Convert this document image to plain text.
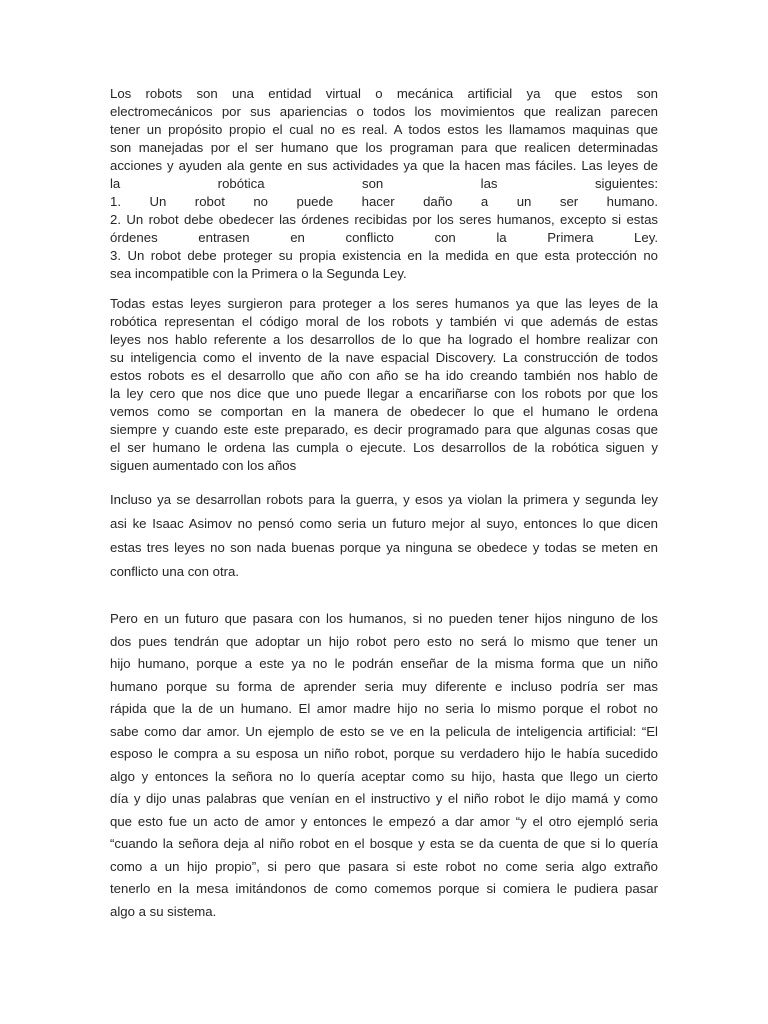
Los robots son una entidad virtual o mecánica artificial ya que estos son
electromecánicos por sus apariencias o todos los movimientos que realizan parecen
tener un propósito propio el cual no es real. A todos estos les llamamos maquinas que
son manejadas por el ser humano que los programan para que realicen determinadas
acciones y ayuden ala gente en sus actividades ya que la hacen mas fáciles. Las leyes de
la robótica son las siguientes:
1. Un robot no puede hacer daño a un ser humano.
2. Un robot debe obedecer las órdenes recibidas por los seres humanos, excepto si estas
órdenes entrasen en conflicto con la Primera Ley.
3. Un robot debe proteger su propia existencia en la medida en que esta protección no
sea incompatible con la Primera o la Segunda Ley.
Todas estas leyes surgieron para proteger a los seres humanos ya que las leyes de la
robótica representan el código moral de los robots y también vi que además de estas
leyes nos hablo referente a los desarrollos de lo que ha logrado el hombre realizar con
su inteligencia como el invento de la nave espacial Discovery. La construcción de todos
estos robots es el desarrollo que año con año se ha ido creando también nos hablo de
la ley cero que nos dice que uno puede llegar a encariñarse con los robots por que los
vemos como se comportan en la manera de obedecer lo que el humano le ordena
siempre y cuando este este preparado, es decir programado para que algunas cosas que
el ser humano le ordena las cumpla o ejecute. Los desarrollos de la robótica siguen y
siguen aumentado con los años
Incluso ya se desarrollan robots para la guerra, y esos ya violan la primera y segunda ley
asi ke Isaac Asimov no pensó como seria un futuro mejor al suyo, entonces lo que dicen
estas tres leyes no son nada buenas porque ya ninguna se obedece y todas se meten en
conflicto una con otra.
Pero en un futuro que pasara con los humanos, si no pueden tener hijos ninguno de los
dos pues tendrán que adoptar un hijo robot pero esto no será lo mismo que tener un
hijo humano, porque a este ya no le podrán enseñar de la misma forma que un niño
humano porque su forma de aprender seria muy diferente e incluso podría ser mas
rápida que la de un humano. El amor madre hijo no seria lo mismo porque el robot no
sabe como dar amor. Un ejemplo de esto se ve en la pelicula de inteligencia artificial: “El
esposo le compra a su esposa un niño robot, porque su verdadero hijo le había sucedido
algo y entonces la señora no lo quería aceptar como su hijo, hasta que llego un cierto
día y dijo unas palabras que venían en el instructivo y el niño robot le dijo mamá y como
que esto fue un acto de amor y entonces le empezó a dar amor “y el otro ejempló seria
“cuando la señora deja al niño robot en el bosque y esta se da cuenta de que si lo quería
como a un hijo propio”, si pero que pasara si este robot no come seria algo extraño
tenerlo en la mesa imitándonos de como comemos porque si comiera le pudiera pasar
algo a su sistema.
